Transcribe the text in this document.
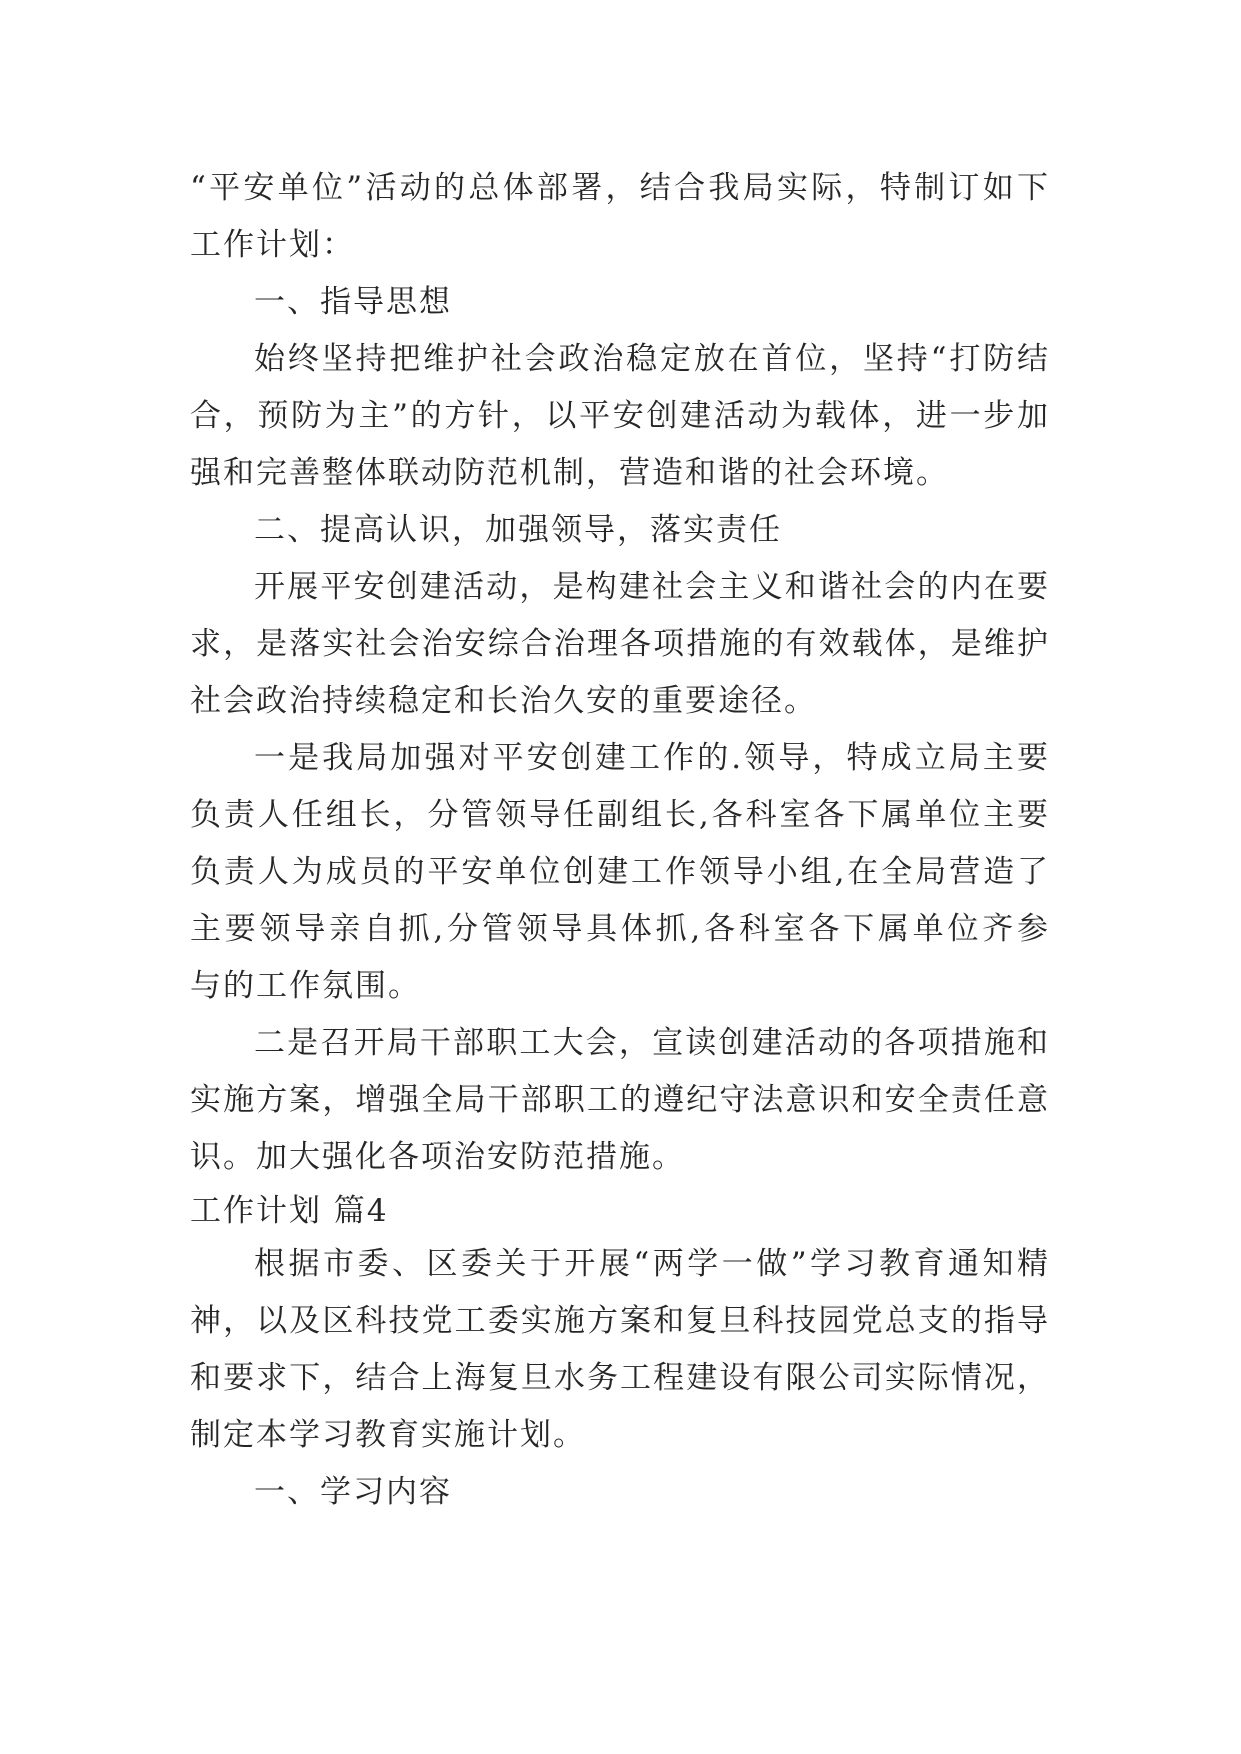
“平安单位”活动的总体部署，结合我局实际，特制订如下
工作计划：
一、指导思想
始终坚持把维护社会政治稳定放在首位，坚持“打防结
合，预防为主”的方针，以平安创建活动为载体，进一步加
强和完善整体联动防范机制，营造和谐的社会环境。
二、提高认识，加强领导，落实责任
开展平安创建活动，是构建社会主义和谐社会的内在要
求，是落实社会治安综合治理各项措施的有效载体，是维护
社会政治持续稳定和长治久安的重要途径。
一是我局加强对平安创建工作的.领导，特成立局主要
负责人任组长，分管领导任副组长,各科室各下属单位主要
负责人为成员的平安单位创建工作领导小组,在全局营造了
主要领导亲自抓,分管领导具体抓,各科室各下属单位齐参
与的工作氛围。
二是召开局干部职工大会，宣读创建活动的各项措施和
实施方案，增强全局干部职工的遵纪守法意识和安全责任意
识。加大强化各项治安防范措施。
工作计划 篇4
根据市委、区委关于开展“两学一做”学习教育通知精
神，以及区科技党工委实施方案和复旦科技园党总支的指导
和要求下，结合上海复旦水务工程建设有限公司实际情况，
制定本学习教育实施计划。
一、学习内容
